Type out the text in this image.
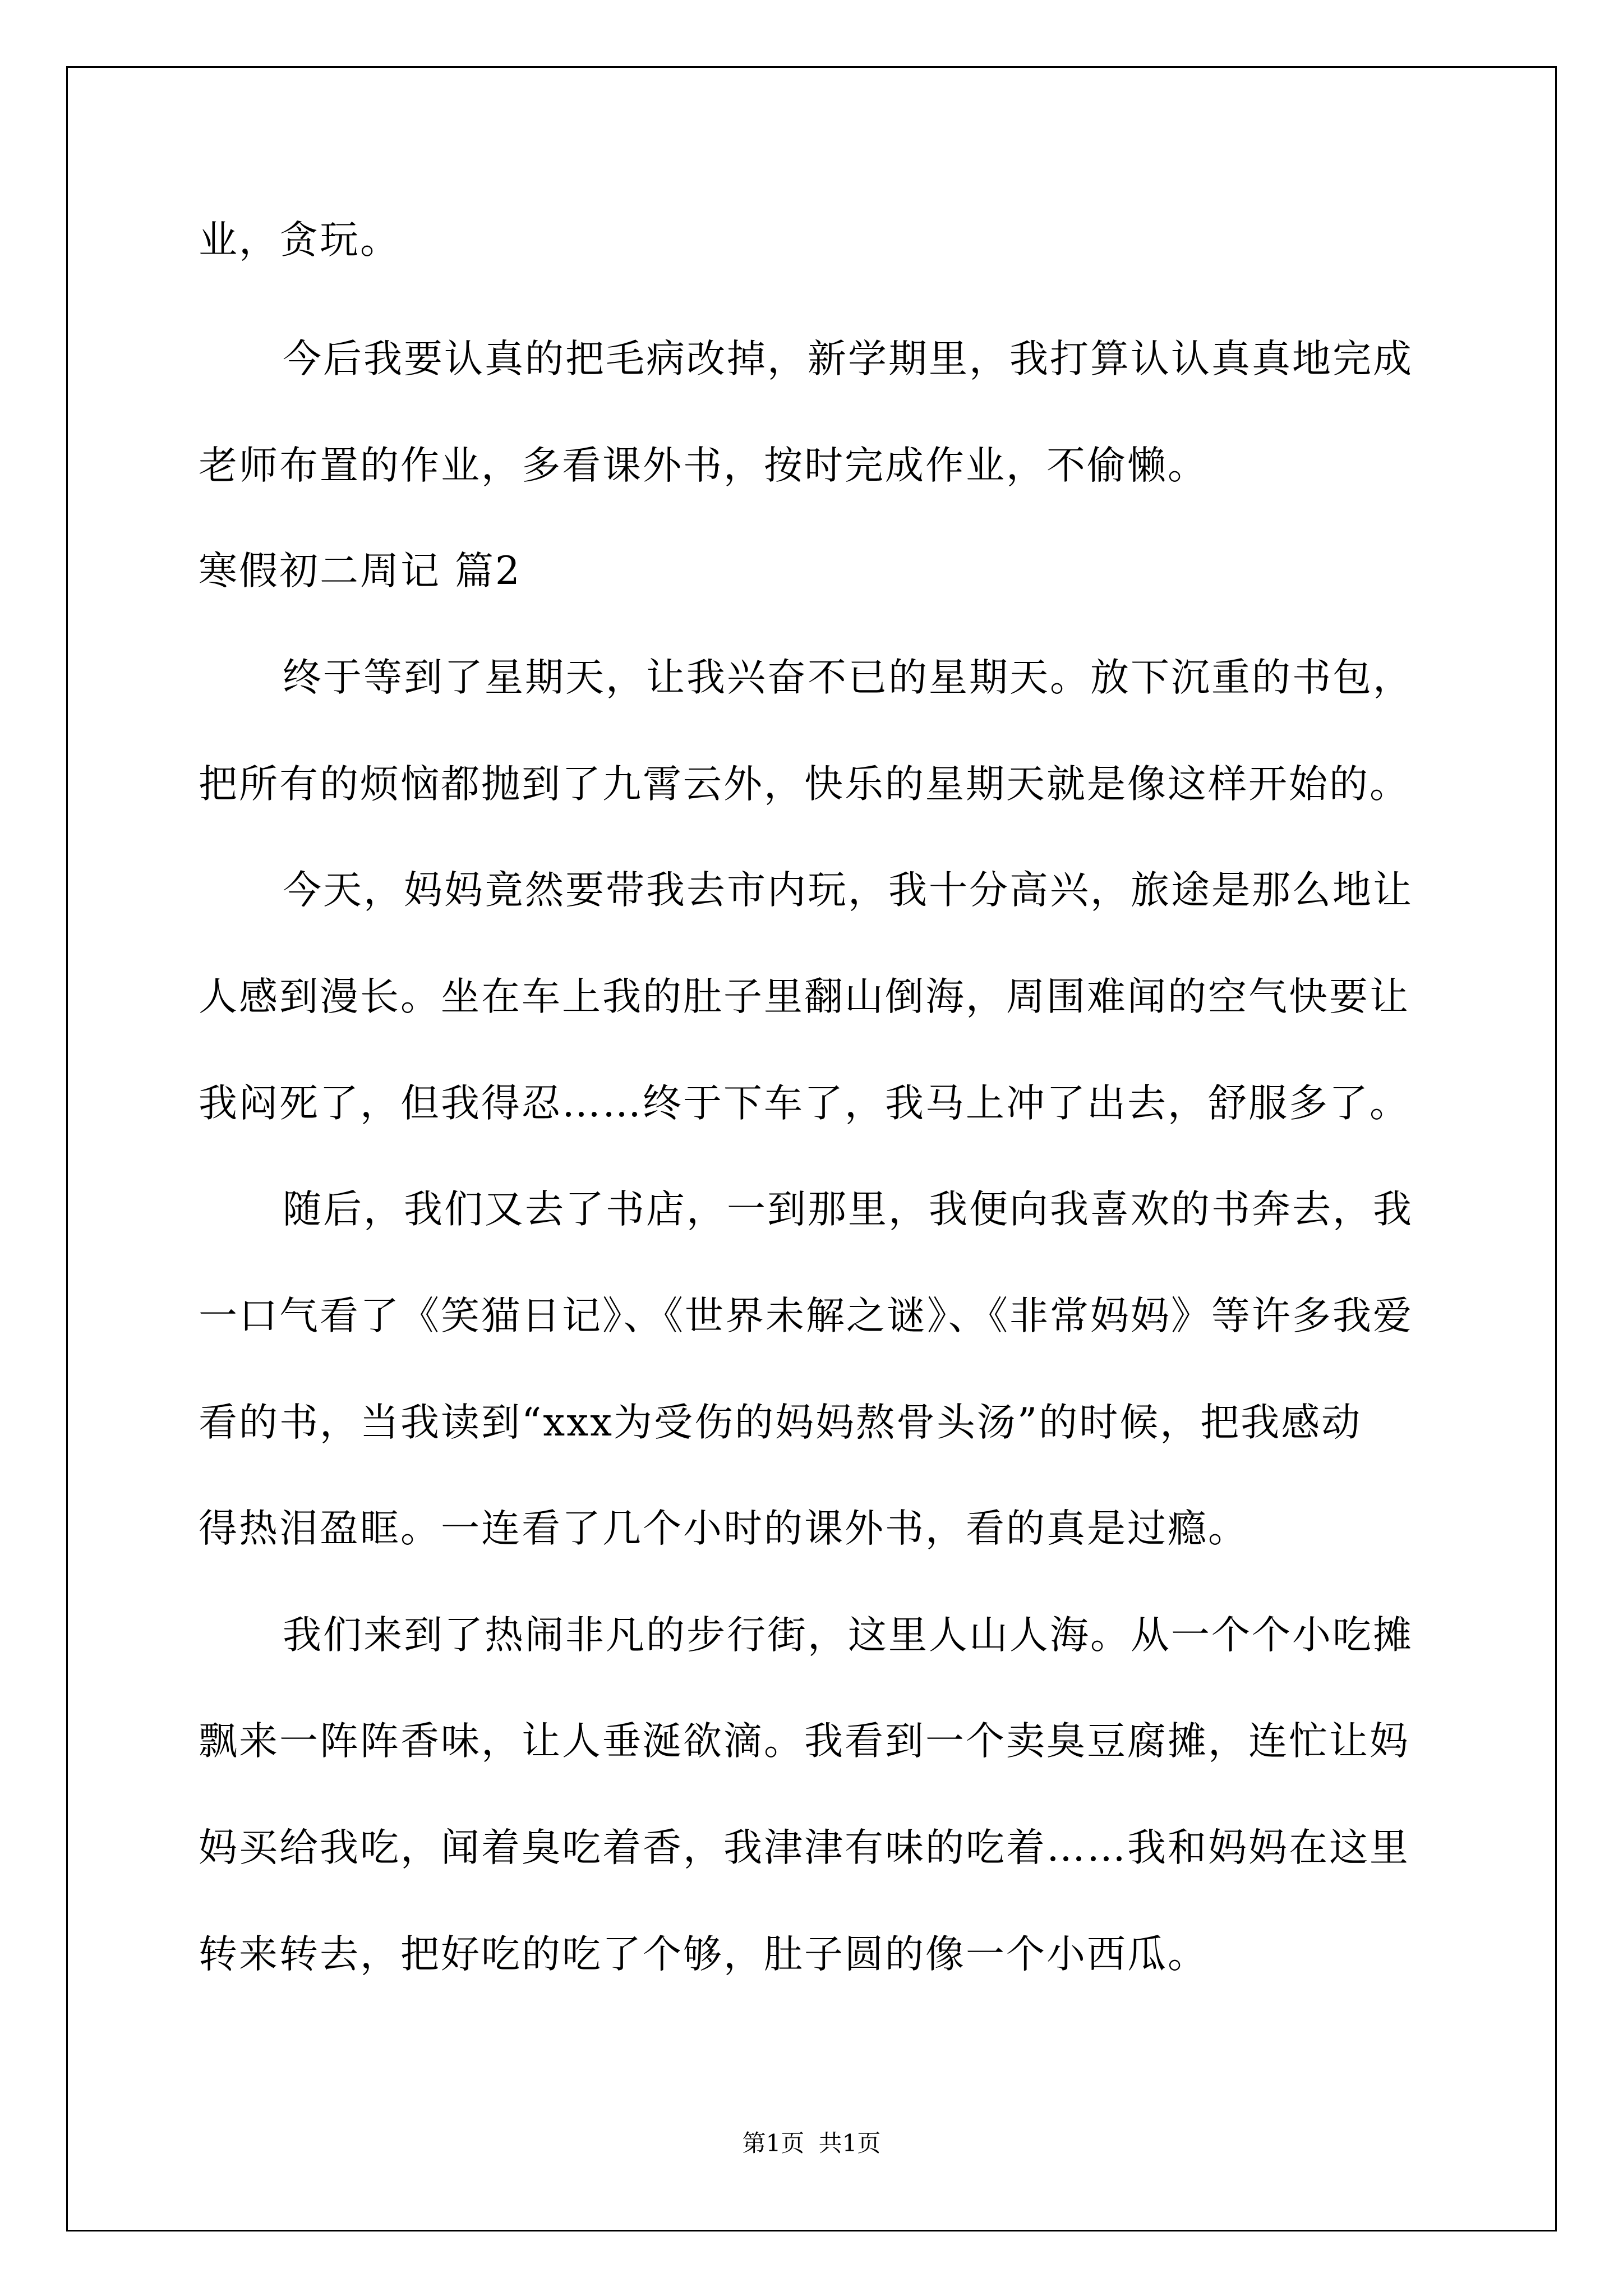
业，贪玩。
今后我要认真的把毛病改掉，新学期里，我打算认认真真地完成
老师布置的作业，多看课外书，按时完成作业，不偷懒。
寒假初二周记 篇2
终于等到了星期天，让我兴奋不已的星期天。放下沉重的书包，
把所有的烦恼都抛到了九霄云外，快乐的星期天就是像这样开始的。
今天，妈妈竟然要带我去市内玩，我十分高兴，旅途是那么地让
人感到漫长。坐在车上我的肚子里翻山倒海，周围难闻的空气快要让
我闷死了，但我得忍……终于下车了，我马上冲了出去，舒服多了。
随后，我们又去了书店，一到那里，我便向我喜欢的书奔去，我
一口气看了《笑猫日记》、《世界未解之谜》、《非常妈妈》等许多我爱
看的书，当我读到“xxx为受伤的妈妈熬骨头汤”的时候，把我感动
得热泪盈眶。一连看了几个小时的课外书，看的真是过瘾。
我们来到了热闹非凡的步行街，这里人山人海。从一个个小吃摊
飘来一阵阵香味，让人垂涎欲滴。我看到一个卖臭豆腐摊，连忙让妈
妈买给我吃，闻着臭吃着香，我津津有味的吃着……我和妈妈在这里
转来转去，把好吃的吃了个够，肚子圆的像一个小西瓜。
第1页 共1页
